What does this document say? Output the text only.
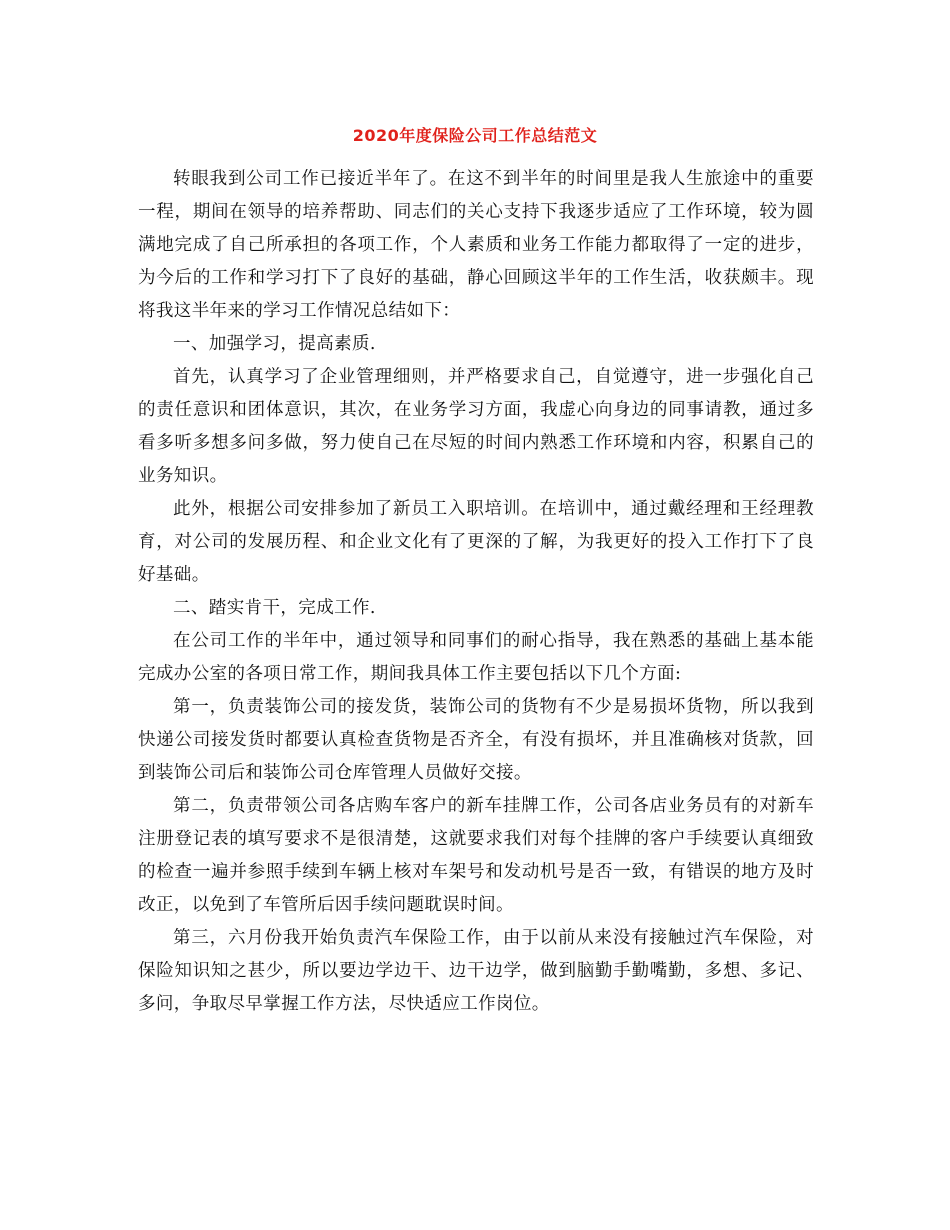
2020年度保险公司工作总结范文

转眼我到公司工作已接近半年了。在这不到半年的时间里是我人生旅途中的重要一程，期间在领导的培养帮助、同志们的关心支持下我逐步适应了工作环境，较为圆满地完成了自己所承担的各项工作，个人素质和业务工作能力都取得了一定的进步，为今后的工作和学习打下了良好的基础，静心回顾这半年的工作生活，收获颇丰。现将我这半年来的学习工作情况总结如下：

一、加强学习，提高素质.

首先，认真学习了企业管理细则，并严格要求自己，自觉遵守，进一步强化自己的责任意识和团体意识，其次，在业务学习方面，我虚心向身边的同事请教，通过多看多听多想多问多做，努力使自己在尽短的时间内熟悉工作环境和内容，积累自己的业务知识。

此外，根据公司安排参加了新员工入职培训。在培训中，通过戴经理和王经理教育，对公司的发展历程、和企业文化有了更深的了解，为我更好的投入工作打下了良好基础。

二、踏实肯干，完成工作.

在公司工作的半年中，通过领导和同事们的耐心指导，我在熟悉的基础上基本能完成办公室的各项日常工作，期间我具体工作主要包括以下几个方面:

第一，负责装饰公司的接发货，装饰公司的货物有不少是易损坏货物，所以我到快递公司接发货时都要认真检查货物是否齐全，有没有损坏，并且准确核对货款，回到装饰公司后和装饰公司仓库管理人员做好交接。

第二，负责带领公司各店购车客户的新车挂牌工作，公司各店业务员有的对新车注册登记表的填写要求不是很清楚，这就要求我们对每个挂牌的客户手续要认真细致的检查一遍并参照手续到车辆上核对车架号和发动机号是否一致，有错误的地方及时改正，以免到了车管所后因手续问题耽误时间。

第三，六月份我开始负责汽车保险工作，由于以前从来没有接触过汽车保险，对保险知识知之甚少，所以要边学边干、边干边学，做到脑勤手勤嘴勤，多想、多记、多问，争取尽早掌握工作方法，尽快适应工作岗位。
